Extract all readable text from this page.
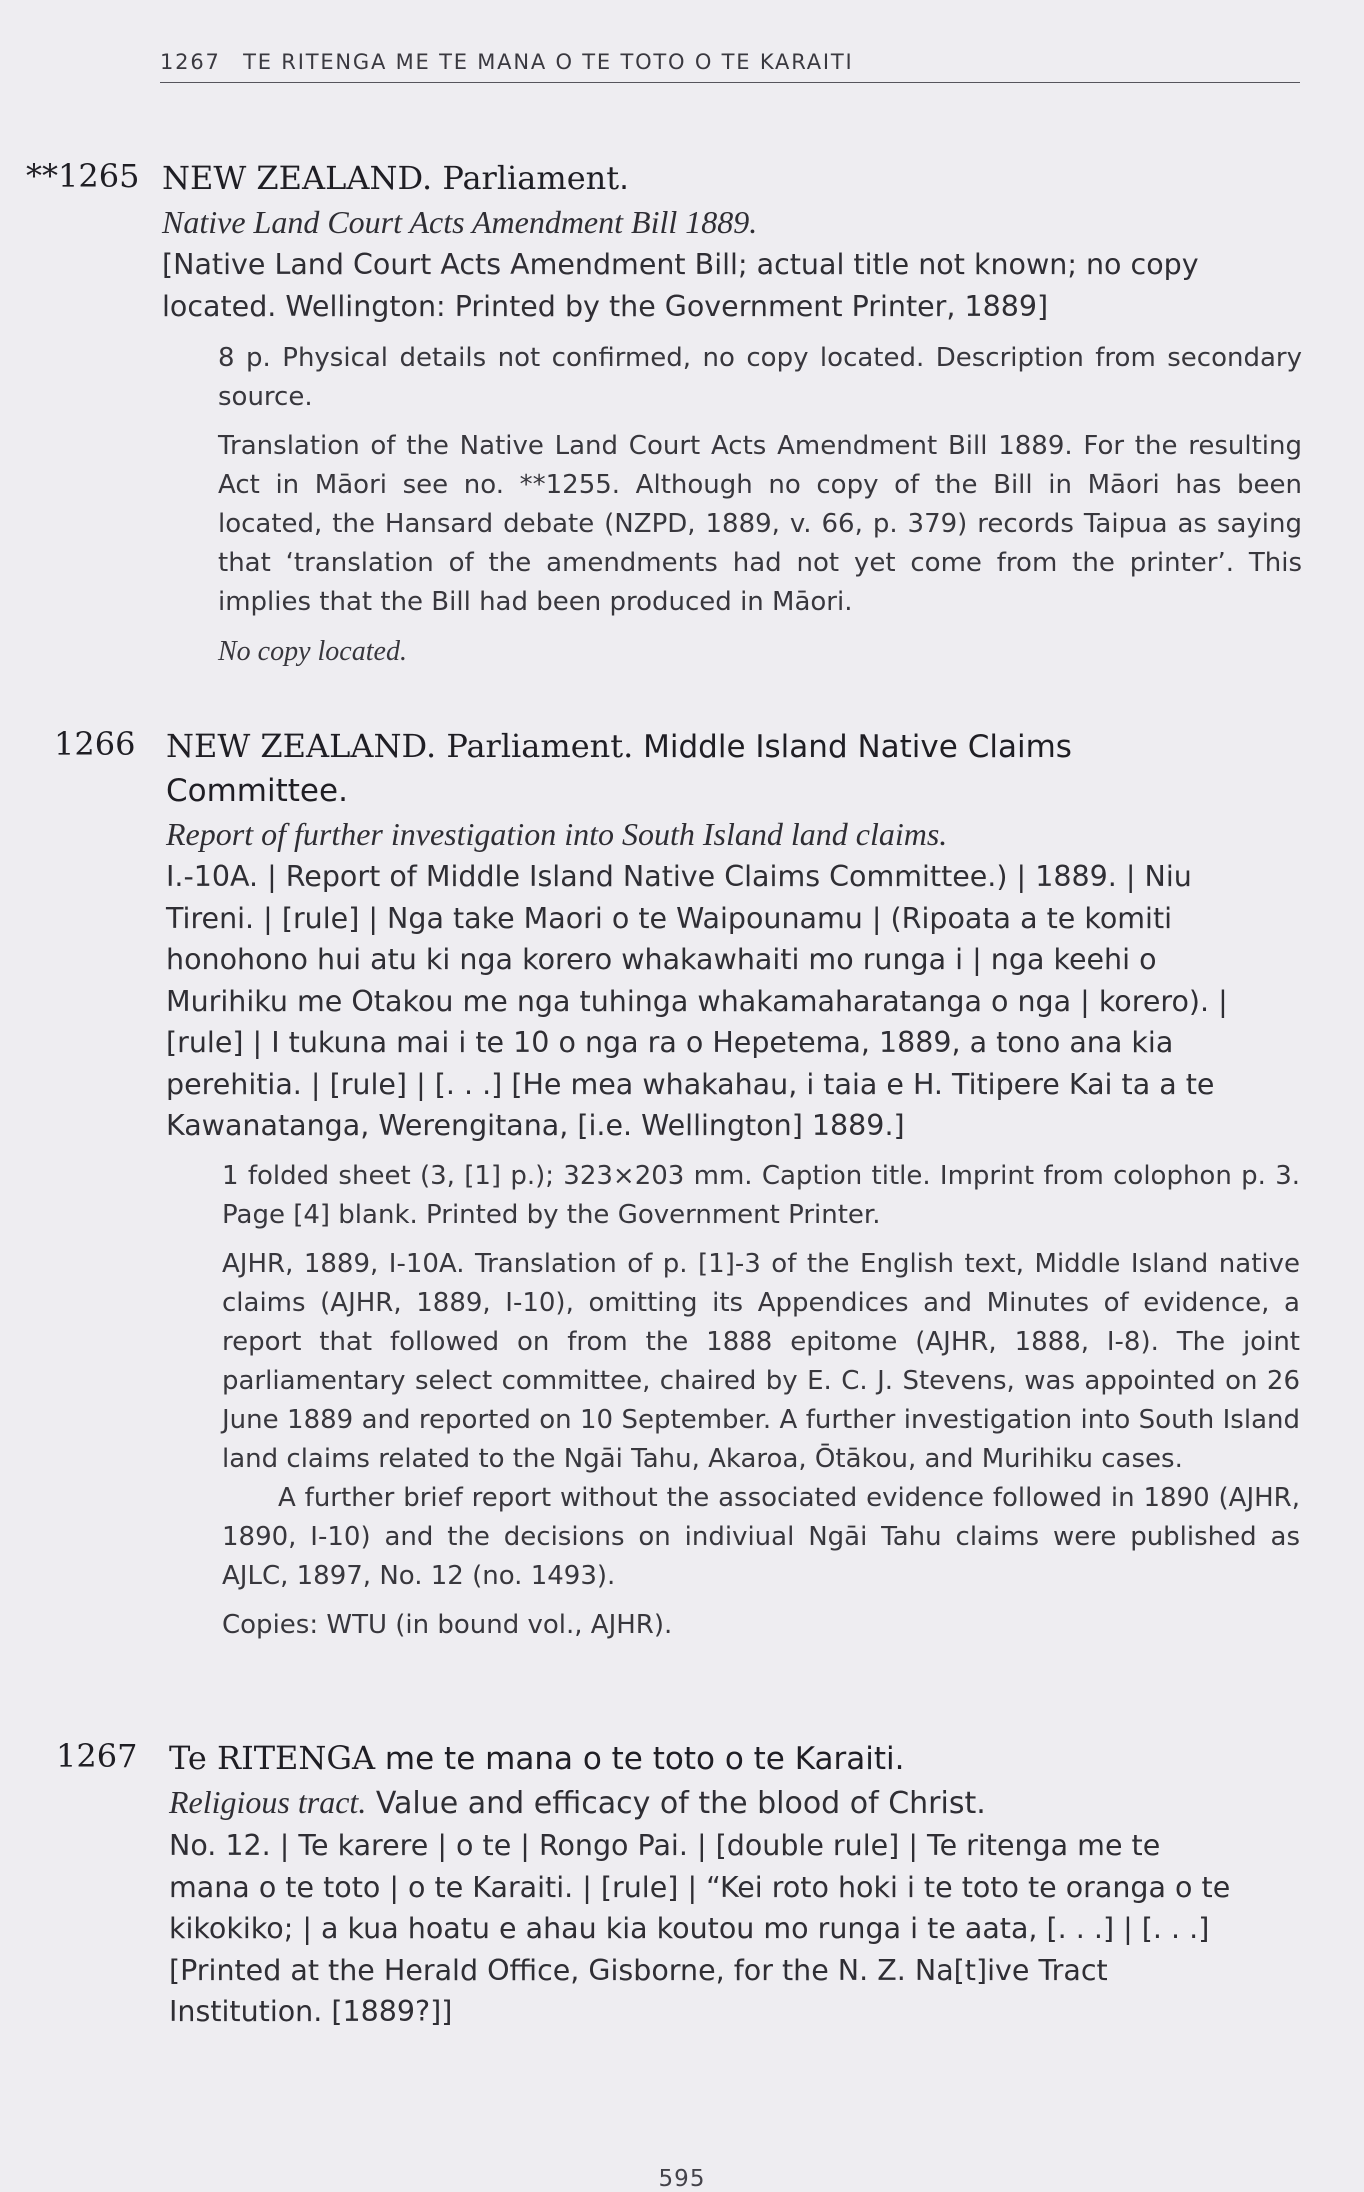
1267 TE RITENGA ME TE MANA O TE TOTO O TE KARAITI
**1265 NEW ZEALAND. Parliament.
Native Land Court Acts Amendment Bill 1889.
[Native Land Court Acts Amendment Bill; actual title not known; no copy
located. Wellington: Printed by the Government Printer, 1889]

8 p. Physical details not confirmed, no copy located. Description from secondary source.

Translation of the Native Land Court Acts Amendment Bill 1889. For the resulting Act in Māori see no. **1255. Although no copy of the Bill in Māori has been located, the Hansard debate (NZPD, 1889, v. 66, p. 379) records Taipua as saying that ‘translation of the amendments had not yet come from the printer’. This implies that the Bill had been produced in Māori.

No copy located.

1266 NEW ZEALAND. Parliament. Middle Island Native Claims
Committee.
Report of further investigation into South Island land claims.
I.-10A. | Report of Middle Island Native Claims Committee.) | 1889. | Niu
Tireni. | [rule] | Nga take Maori o te Waipounamu | (Ripoata a te komiti
honohono hui atu ki nga korero whakawhaiti mo runga i | nga keehi o
Murihiku me Otakou me nga tuhinga whakamaharatanga o nga | korero). |
[rule] | I tukuna mai i te 10 o nga ra o Hepetema, 1889, a tono ana kia
perehitia. | [rule] | [. . .] [He mea whakahau, i taia e H. Titipere Kai ta a te
Kawanatanga, Werengitana, [i.e. Wellington] 1889.]

1 folded sheet (3, [1] p.); 323×203 mm. Caption title. Imprint from colophon p. 3. Page [4] blank. Printed by the Government Printer.

AJHR, 1889, I-10A. Translation of p. [1]-3 of the English text, Middle Island native claims (AJHR, 1889, I-10), omitting its Appendices and Minutes of evidence, a report that followed on from the 1888 epitome (AJHR, 1888, I-8). The joint parliamentary select committee, chaired by E. C. J. Stevens, was appointed on 26 June 1889 and reported on 10 September. A further investigation into South Island land claims related to the Ngāi Tahu, Akaroa, Ōtākou, and Murihiku cases.

A further brief report without the associated evidence followed in 1890 (AJHR, 1890, I-10) and the decisions on indiviual Ngāi Tahu claims were published as AJLC, 1897, No. 12 (no. 1493).

Copies: WTU (in bound vol., AJHR).

1267 Te RITENGA me te mana o te toto o te Karaiti.
Religious tract. Value and efficacy of the blood of Christ.
No. 12. | Te karere | o te | Rongo Pai. | [double rule] | Te ritenga me te
mana o te toto | o te Karaiti. | [rule] | “Kei roto hoki i te toto te oranga o te
kikokiko; | a kua hoatu e ahau kia koutou mo runga i te aata, [. . .] | [. . .]
[Printed at the Herald Office, Gisborne, for the N. Z. Na[t]ive Tract
Institution. [1889?]]
595
